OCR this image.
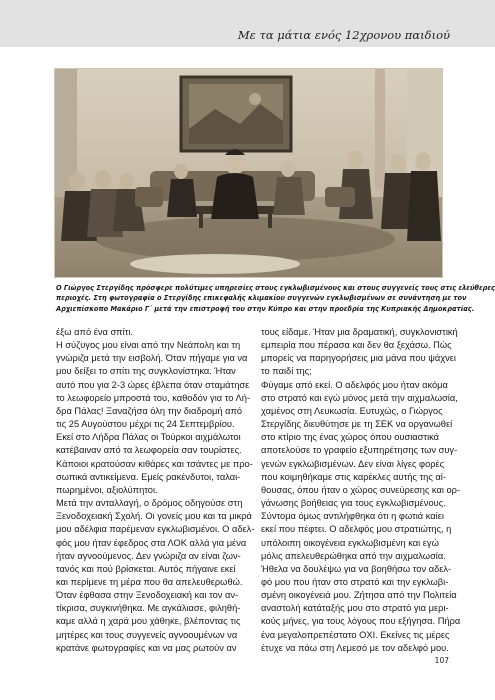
Με τα μάτια ενός 12χρονου παιδιού
Ο Γιώργος Στεργίδης πρόσφερε πολύτιμες υπηρεσίες στους εγκλωβισμένους και στους συγγενείς τους στις ελεύθερες
περιοχές. Στη φωτογραφία ο Στεργίδης επικεφαλής κλιμακίου συγγενών εγκλωβισμένων σε συνάντηση με τον
Αρχιεπίσκοπο Μακάριο Γ΄ μετά την επιστροφή του στην Κύπρο και στην προεδρία της Κυπριακής Δημοκρατίας.
έξω από ένα σπίτι.
Η σύζυγος μου είναι από την Νεάπολη και τη
γνώριζα μετά την εισβολή. Όταν πήγαμε για να
μου δείξει το σπίτι της συγκλονίστηκα. Ήταν
αυτό που για 2-3 ώρες έβλεπα όταν σταμάτησε
το λεωφορείο μπροστά του, καθοδόν για το Λή-
δρα Πάλας! Ξαναζήσα όλη την διαδρομή από
τις 25 Αυγούστου μέχρι τις 24 Σεπτεμβρίου.
Εκεί στο Λήδρα Πάλας οι Τούρκοι αιχμάλωτοι
κατέβαιναν από τα λεωφορεία σαν τουρίστες.
Κάποιοι κρατούσαν κιθάρες και τσάντες με προ-
σωπικά αντικείμενα. Εμείς ρακένδυτοι, ταλαι-
πωρημένοι, αξιολύπητοι.
Μετά την ανταλλαγή, ο δρόμος οδηγούσε στη
Ξενοδοχειακή Σχολή. Οι γονείς μου και τα μικρά
μου αδέλφια παρέμεναν εγκλωβισμένοι. Ο αδελ-
φός μου ήταν έφεδρος στα ΛΟΚ αλλά για μένα
ήταν αγνοούμενος. Δεν γνώριζα αν είναι ζων-
τανός και πού βρίσκεται. Αυτός πήγαινε εκεί
και περίμενε τη μέρα που θα απελευθερωθώ.
Όταν έφθασα στην Ξενοδοχειακή και τον αν-
τίκρισα, συγκινήθηκα. Με αγκάλιασε, φιληθή-
καμε αλλά η χαρά μου χάθηκε, βλέποντας τις
μητέρες και τους συγγενείς αγνοουμένων να
κρατάνε φωτογραφίες και να μας ρωτούν αν
τους είδαμε. Ήταν μια δραματική, συγκλονιστική
εμπειρία που πέρασα και δεν θα ξεχάσω. Πώς
μπορείς να παρηγορήσεις μια μάνα που ψάχνει
το παιδί της;
Φύγαμε από εκεί. Ο αδελφός μου ήταν ακόμα
στο στρατό και εγώ μόνος μετά την αιχμαλωσία,
χαμένος στη Λευκωσία. Ευτυχώς, ο Γιώργος
Στεργίδης διευθύτησε με τη ΣΕΚ να οργανωθεί
στο κτίριο της ένας χώρος όπου ουσιαστικά
αποτελούσε το γραφείο εξυπηρέτησης των συγ-
γενών εγκλωβισμένων. Δεν είναι λίγες φορές
που κοιμηθήκαμε στις καρέκλες αυτής της αί-
θουσας, όπου ήταν ο χώρος συνεύρεσης και ορ-
γάνωσης βοήθειας για τους εγκλωβισμένους.
Σύντομα όμως αντιλήφθηκα ότι η φωτιά καίει
εκεί που πέφτει. Ο αδελφός μου στρατιώτης, η
υπόλοιπη οικογένεια εγκλωβισμένη και εγώ
μόλις απελευθερώθηκα από την αιχμαλωσία.
Ήθελα να δουλέψω για να βοηθήσω τον αδελ-
φό μου που ήταν στο στρατό και την εγκλωβι-
σμένη οικογένειά μου. Ζήτησα από την Πολιτεία
αναστολή κατάταξής μου στο στρατό για μερι-
κούς μήνες, για τους λόγους που εξήγησα. Πήρα
ένα μεγαλοπρεπέστατο ΟΧΙ. Εκείνες τις μέρες
έτυχε να πάω στη Λεμεσό με τον αδελφό μου.
107
